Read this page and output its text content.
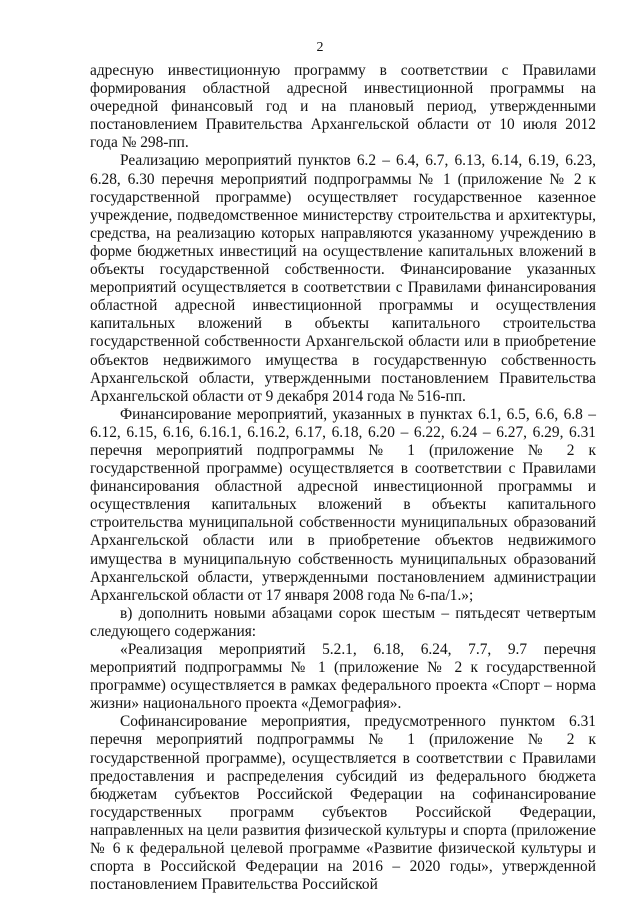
2

адресную инвестиционную программу в соответствии с Правилами формирования областной адресной инвестиционной программы на очередной финансовый год и на плановый период, утвержденными постановлением Правительства Архангельской области от 10 июля 2012 года № 298-пп.

Реализацию мероприятий пунктов 6.2 – 6.4, 6.7, 6.13, 6.14, 6.19, 6.23, 6.28, 6.30 перечня мероприятий подпрограммы № 1 (приложение № 2 к государственной программе) осуществляет государственное казенное учреждение, подведомственное министерству строительства и архитектуры, средства, на реализацию которых направляются указанному учреждению в форме бюджетных инвестиций на осуществление капитальных вложений в объекты государственной собственности. Финансирование указанных мероприятий осуществляется в соответствии с Правилами финансирования областной адресной инвестиционной программы и осуществления капитальных вложений в объекты капитального строительства государственной собственности Архангельской области или в приобретение объектов недвижимого имущества в государственную собственность Архангельской области, утвержденными постановлением Правительства Архангельской области от 9 декабря 2014 года № 516-пп.

Финансирование мероприятий, указанных в пунктах 6.1, 6.5, 6.6, 6.8 – 6.12, 6.15, 6.16, 6.16.1, 6.16.2, 6.17, 6.18, 6.20 – 6.22, 6.24 – 6.27, 6.29, 6.31 перечня мероприятий подпрограммы № 1 (приложение № 2 к государственной программе) осуществляется в соответствии с Правилами финансирования областной адресной инвестиционной программы и осуществления капитальных вложений в объекты капитального строительства муниципальной собственности муниципальных образований Архангельской области или в приобретение объектов недвижимого имущества в муниципальную собственность муниципальных образований Архангельской области, утвержденными постановлением администрации Архангельской области от 17 января 2008 года № 6-па/1.»;

в) дополнить новыми абзацами сорок шестым – пятьдесят четвертым следующего содержания:

«Реализация мероприятий 5.2.1, 6.18, 6.24, 7.7, 9.7 перечня мероприятий подпрограммы № 1 (приложение № 2 к государственной программе) осуществляется в рамках федерального проекта «Спорт – норма жизни» национального проекта «Демография».

Софинансирование мероприятия, предусмотренного пунктом 6.31 перечня мероприятий подпрограммы № 1 (приложение № 2 к государственной программе), осуществляется в соответствии с Правилами предоставления и распределения субсидий из федерального бюджета бюджетам субъектов Российской Федерации на софинансирование государственных программ субъектов Российской Федерации, направленных на цели развития физической культуры и спорта (приложение № 6 к федеральной целевой программе «Развитие физической культуры и спорта в Российской Федерации на 2016 – 2020 годы», утвержденной постановлением Правительства Российской
